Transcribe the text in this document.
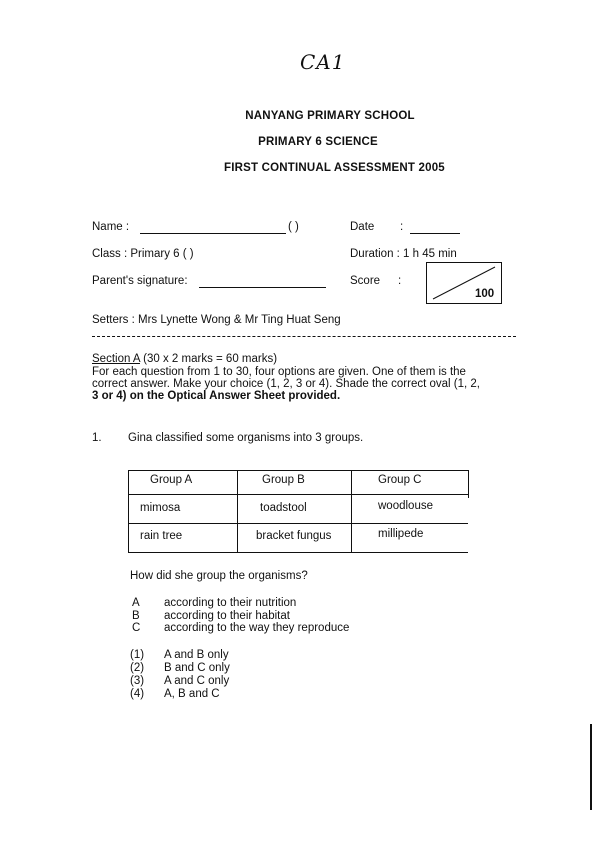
CA1
NANYANG PRIMARY SCHOOL
PRIMARY 6 SCIENCE
FIRST CONTINUAL ASSESSMENT 2005
Name :	( )	Date :
Class : Primary 6 ( )	Duration : 1 h 45 min
Parent's signature:	Score :
100
Setters : Mrs Lynette Wong & Mr Ting Huat Seng
Section A (30 x 2 marks = 60 marks)
For each question from 1 to 30, four options are given. One of them is the
correct answer. Make your choice (1, 2, 3 or 4). Shade the correct oval (1, 2,
3 or 4) on the Optical Answer Sheet provided.
1. Gina classified some organisms into 3 groups.
Group A	Group B	Group C
mimosa	toadstool	woodlouse
rain tree	bracket fungus	millipede
How did she group the organisms?
A according to their nutrition
B according to their habitat
C according to the way they reproduce
(1) A and B only
(2) B and C only
(3) A and C only
(4) A, B and C
